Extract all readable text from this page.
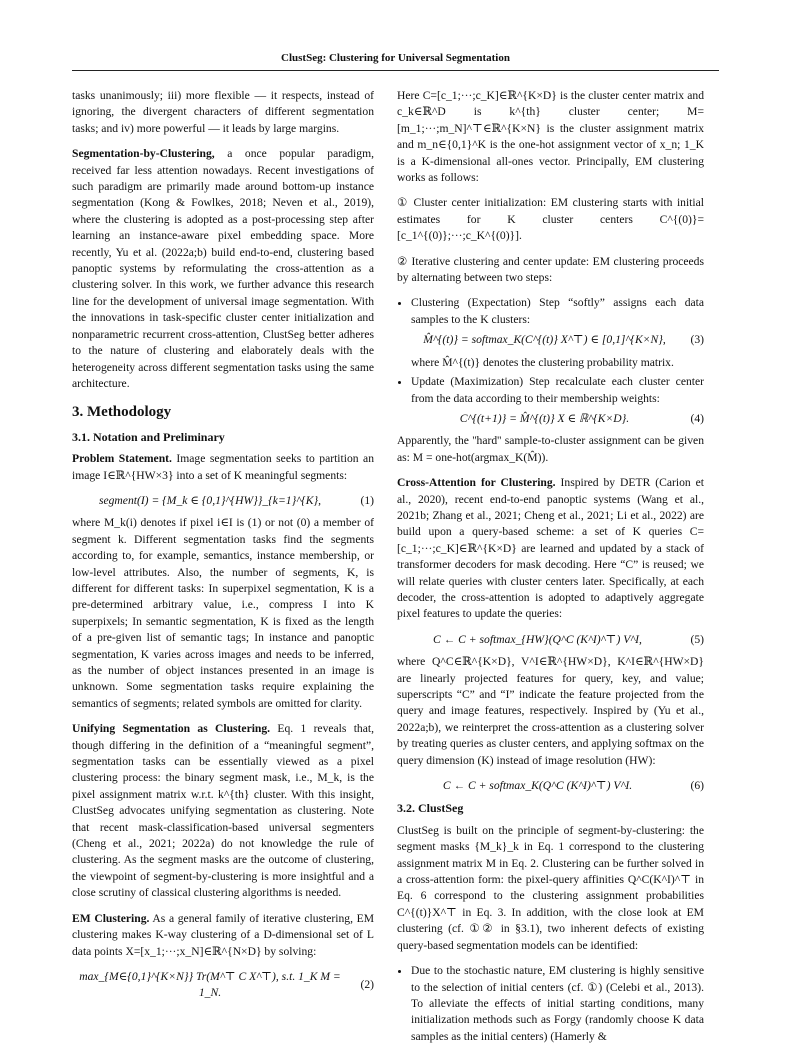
ClustSeg: Clustering for Universal Segmentation

tasks unanimously; iii) more flexible — it respects, instead of ignoring, the divergent characters of different segmentation tasks; and iv) more powerful — it leads by large margins.

Segmentation-by-Clustering, a once popular paradigm, received far less attention nowadays. Recent investigations of such paradigm are primarily made around bottom-up instance segmentation (Kong & Fowlkes, 2018; Neven et al., 2019), where the clustering is adopted as a post-processing step after learning an instance-aware pixel embedding space. More recently, Yu et al. (2022a;b) build end-to-end, clustering based panoptic systems by reformulating the cross-attention as a clustering solver. In this work, we further advance this research line for the development of universal image segmentation. With the innovations in task-specific cluster center initialization and nonparametric recurrent cross-attention, ClustSeg better adheres to the nature of clustering and elaborately deals with the heterogeneity across different segmentation tasks using the same architecture.

3. Methodology
3.1. Notation and Preliminary

Problem Statement. Image segmentation seeks to partition an image I∈ℝ^{HW×3} into a set of K meaningful segments:

segment(I) = {M_k ∈ {0,1}^{HW}}_{k=1}^{K},	(1)

where M_k(i) denotes if pixel i∈I is (1) or not (0) a member of segment k. Different segmentation tasks find the segments according to, for example, semantics, instance membership, or low-level attributes. Also, the number of segments, K, is different for different tasks: In superpixel segmentation, K is a pre-determined arbitrary value, i.e., compress I into K superpixels; In semantic segmentation, K is fixed as the length of a pre-given list of semantic tags; In instance and panoptic segmentation, K varies across images and needs to be inferred, as the number of object instances presented in an image is unknown. Some segmentation tasks require explaining the semantics of segments; related symbols are omitted for clarity.

Unifying Segmentation as Clustering. Eq. 1 reveals that, though differing in the definition of a “meaningful segment”, segmentation tasks can be essentially viewed as a pixel clustering process: the binary segment mask, i.e., M_k, is the pixel assignment matrix w.r.t. k^{th} cluster. With this insight, ClustSeg advocates unifying segmentation as clustering. Note that recent mask-classification-based universal segmenters (Cheng et al., 2021; 2022a) do not knowledge the rule of clustering. As the segment masks are the outcome of clustering, the viewpoint of segment-by-clustering is more insightful and a close scrutiny of classical clustering algorithms is needed.

EM Clustering. As a general family of iterative clustering, EM clustering makes K-way clustering of a D-dimensional set of L data points X=[x_1;···;x_N]∈ℝ^{N×D} by solving:

max_{M∈{0,1}^{K×N}} Tr(M^⊤ C X^⊤), s.t. 1_K M = 1_N.
(2)

Here C=[c_1;···;c_K]∈ℝ^{K×D} is the cluster center matrix and c_k∈ℝ^D is k^{th} cluster center; M=[m_1;···;m_N]^⊤∈ℝ^{K×N} is the cluster assignment matrix and m_n∈{0,1}^K is the one-hot assignment vector of x_n; 1_K is a K-dimensional all-ones vector. Principally, EM clustering works as follows:

① Cluster center initialization: EM clustering starts with initial estimates for K cluster centers C^{(0)}=[c_1^{(0)};···;c_K^{(0)}].

② Iterative clustering and center update: EM clustering proceeds by alternating between two steps:

• Clustering (Expectation) Step “softly” assigns each data samples to the K clusters:
M̂^{(t)} = softmax_K(C^{(t)} X^⊤) ∈ [0,1]^{K×N},	(3)
where M̂^{(t)} denotes the clustering probability matrix.
• Update (Maximization) Step recalculate each cluster center from the data according to their membership weights:
C^{(t+1)} = M̂^{(t)} X ∈ ℝ^{K×D}.	(4)

Apparently, the ''hard'' sample-to-cluster assignment can be given as: M = one-hot(argmax_K(M̂)).

Cross-Attention for Clustering. Inspired by DETR (Carion et al., 2020), recent end-to-end panoptic systems (Wang et al., 2021b; Zhang et al., 2021; Cheng et al., 2021; Li et al., 2022) are build upon a query-based scheme: a set of K queries C=[c_1;···;c_K]∈ℝ^{K×D} are learned and updated by a stack of transformer decoders for mask decoding. Here “C” is reused; we will relate queries with cluster centers later. Specifically, at each decoder, the cross-attention is adopted to adaptively aggregate pixel features to update the queries:

C ← C + softmax_{HW}(Q^C (K^I)^⊤) V^I,	(5)

where Q^C∈ℝ^{K×D}, V^I∈ℝ^{HW×D}, K^I∈ℝ^{HW×D} are linearly projected features for query, key, and value; superscripts “C” and “I” indicate the feature projected from the query and image features, respectively. Inspired by (Yu et al., 2022a;b), we reinterpret the cross-attention as a clustering solver by treating queries as cluster centers, and applying softmax on the query dimension (K) instead of image resolution (HW):

C ← C + softmax_K(Q^C (K^I)^⊤) V^I.	(6)
3.2. ClustSeg

ClustSeg is built on the principle of segment-by-clustering: the segment masks {M_k}_k in Eq. 1 correspond to the clustering assignment matrix M in Eq. 2. Clustering can be further solved in a cross-attention form: the pixel-query affinities Q^C(K^I)^⊤ in Eq. 6 correspond to the clustering assignment probabilities C^{(t)}X^⊤ in Eq. 3. In addition, with the close look at EM clustering (cf. ①② in §3.1), two inherent defects of existing query-based segmentation models can be identified:

• Due to the stochastic nature, EM clustering is highly sensitive to the selection of initial centers (cf. ①) (Celebi et al., 2013). To alleviate the effects of initial starting conditions, many initialization methods such as Forgy (randomly choose K data samples as the initial centers) (Hamerly &
